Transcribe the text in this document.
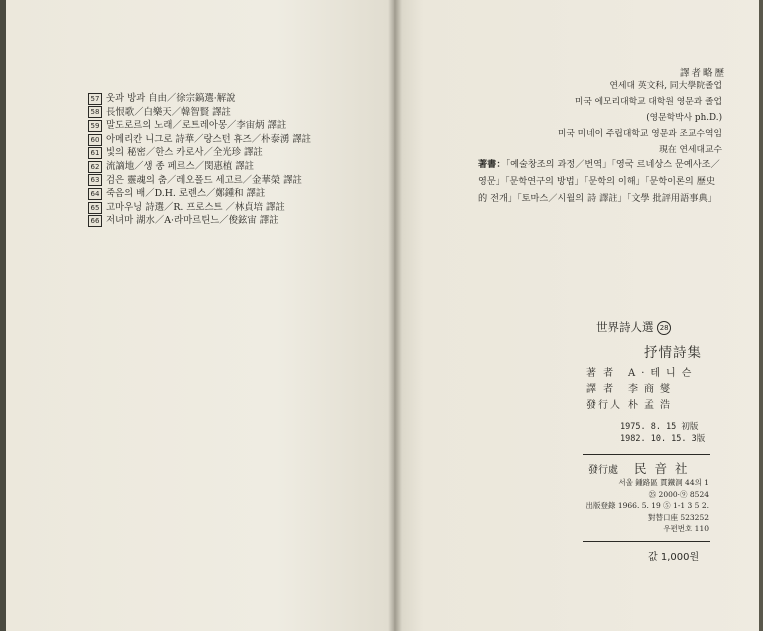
57 웃과 방과 自由／徐宗鎬選·解說
58 長恨歌／白樂天／韓智賢 譯註
59 말도로르의 노래／로트레아몽／李宙炳 譯註
60 아메리칸 니그로 詩華／랑스턴 휴즈／朴泰湧 譯註
61 빛의 秘密／한스 카로사／全光珍 譯註
62 流謫地／생 종 페르스／閔惠植 譯註
63 검은 靈魂의 춤／레오폴드 세고르／金華榮 譯註
64 죽음의 배／D.H. 로렌스／鄭鍾和 譯註
65 고마우닝 詩選／R. 프로스트 ／林貞培 譯註
66 저녀마 湖水／A·라마르틴느／俊鉉宙 譯註
譯者略歷
연세대 英文科, 同大學院졸업
미국 에모리대학교 대학원 영문과 졸업
(영문학박사 ph.D.)
미국 미네이 주립대학교 영문과 조교수역임
現在 연세대교수
著書：「예술창조의 과정／번역」「영국 르네상스 문예사조／영문」「문학연구의 방법」「문학의 이해」「문학이론의 歷史的 전개」「토마스／시월의 詩 譯註」「文學 批評用語事典」
世界詩人選 28
抒情詩集
著 者 A·테니슨
譯 者 李商燮
發行人 朴孟浩
1975. 8. 15 初版
1982. 10. 15. 3版
發行處 民音社
서울 鍾路區 貫鐵洞 44의 1
㉕ 2000·⑨ 8524
出版登錄 1966. 5. 19 ⑤ 1-1 3 5 2.
對替口座 523252
우편번호 110
값 1,000원
